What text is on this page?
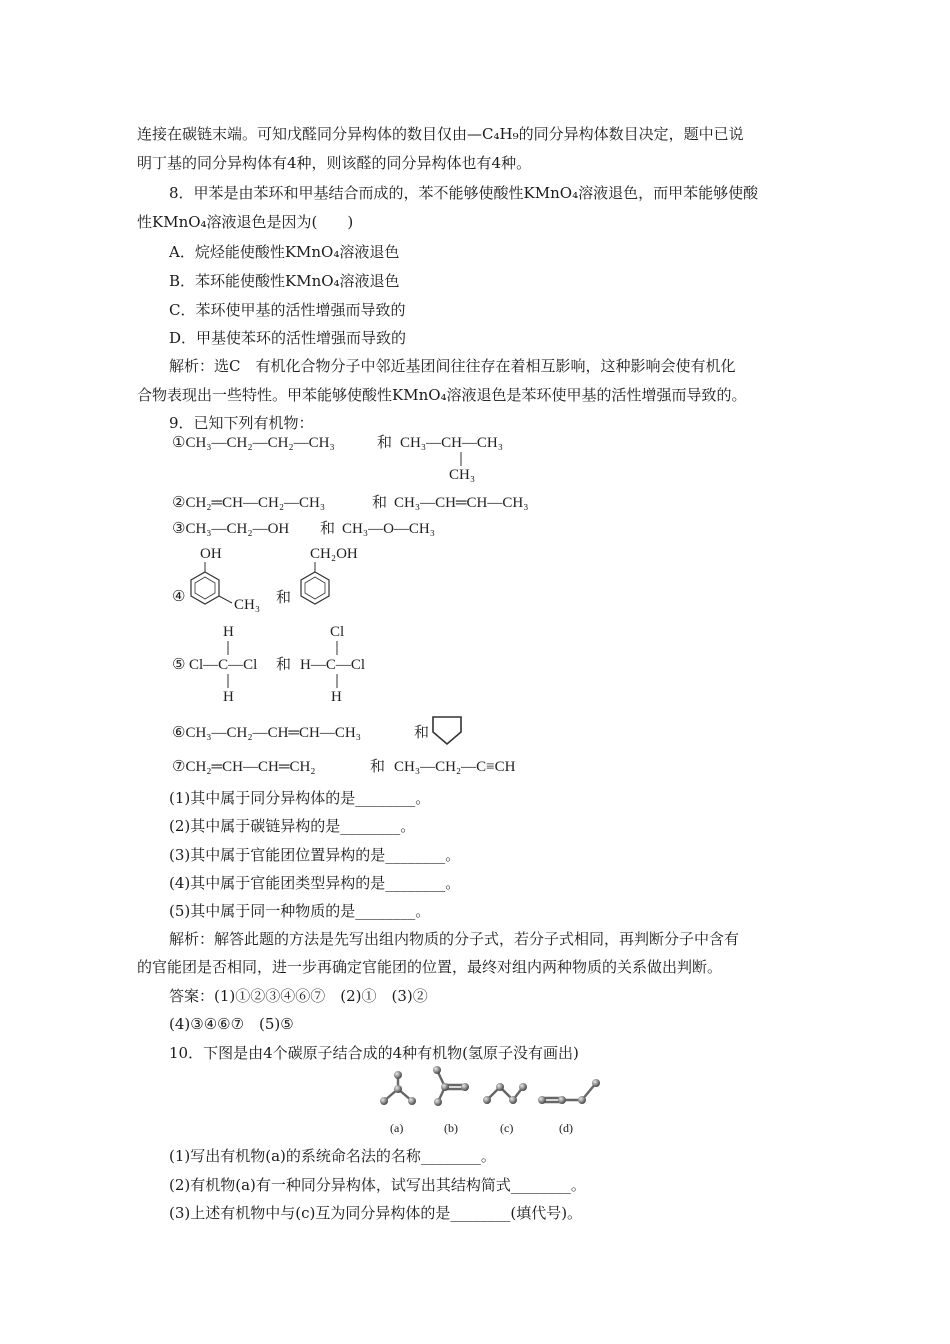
连接在碳链末端。可知戊醛同分异构体的数目仅由—C₄H₉的同分异构体数目决定，题中已说
明丁基的同分异构体有4种，则该醛的同分异构体也有4种。
8．甲苯是由苯环和甲基结合而成的，苯不能够使酸性KMnO₄溶液退色，而甲苯能够使酸
性KMnO₄溶液退色是因为(　　)
A．烷烃能使酸性KMnO₄溶液退色
B．苯环能使酸性KMnO₄溶液退色
C．苯环使甲基的活性增强而导致的
D．甲基使苯环的活性增强而导致的
解析：选C　有机化合物分子中邻近基团间往往存在着相互影响，这种影响会使有机化
合物表现出一些特性。甲苯能够使酸性KMnO₄溶液退色是苯环使甲基的活性增强而导致的。
9．已知下列有机物：
①CH₃—CH₂—CH₂—CH₃	和 CH₃—CH—CH₃
CH₃
②CH₂═CH—CH₂—CH₃	和 CH₃—CH═CH—CH₃
③CH₃—CH₂—OH 和 CH₃—O—CH₃
OH
④	CH₃ 和
CH₂OH
H
⑤ Cl—C—Cl
H
和
Cl
H—C—Cl
H
⑥CH₃—CH₂—CH═CH—CH₃	和
⑦CH₂═CH—CH═CH₂	和 CH₃—CH₂—C≡CH
(1)其中属于同分异构体的是________。
(2)其中属于碳链异构的是________。
(3)其中属于官能团位置异构的是________。
(4)其中属于官能团类型异构的是________。
(5)其中属于同一种物质的是________。
解析：解答此题的方法是先写出组内物质的分子式，若分子式相同，再判断分子中含有
的官能团是否相同，进一步再确定官能团的位置，最终对组内两种物质的关系做出判断。
答案：(1)①②③④⑥⑦　(2)①　(3)②
(4)③④⑥⑦　(5)⑤
10．下图是由4个碳原子结合成的4种有机物(氢原子没有画出)
(a)	(b)	(c)	(d)
(1)写出有机物(a)的系统命名法的名称________。
(2)有机物(a)有一种同分异构体，试写出其结构简式________。
(3)上述有机物中与(c)互为同分异构体的是________(填代号)。
